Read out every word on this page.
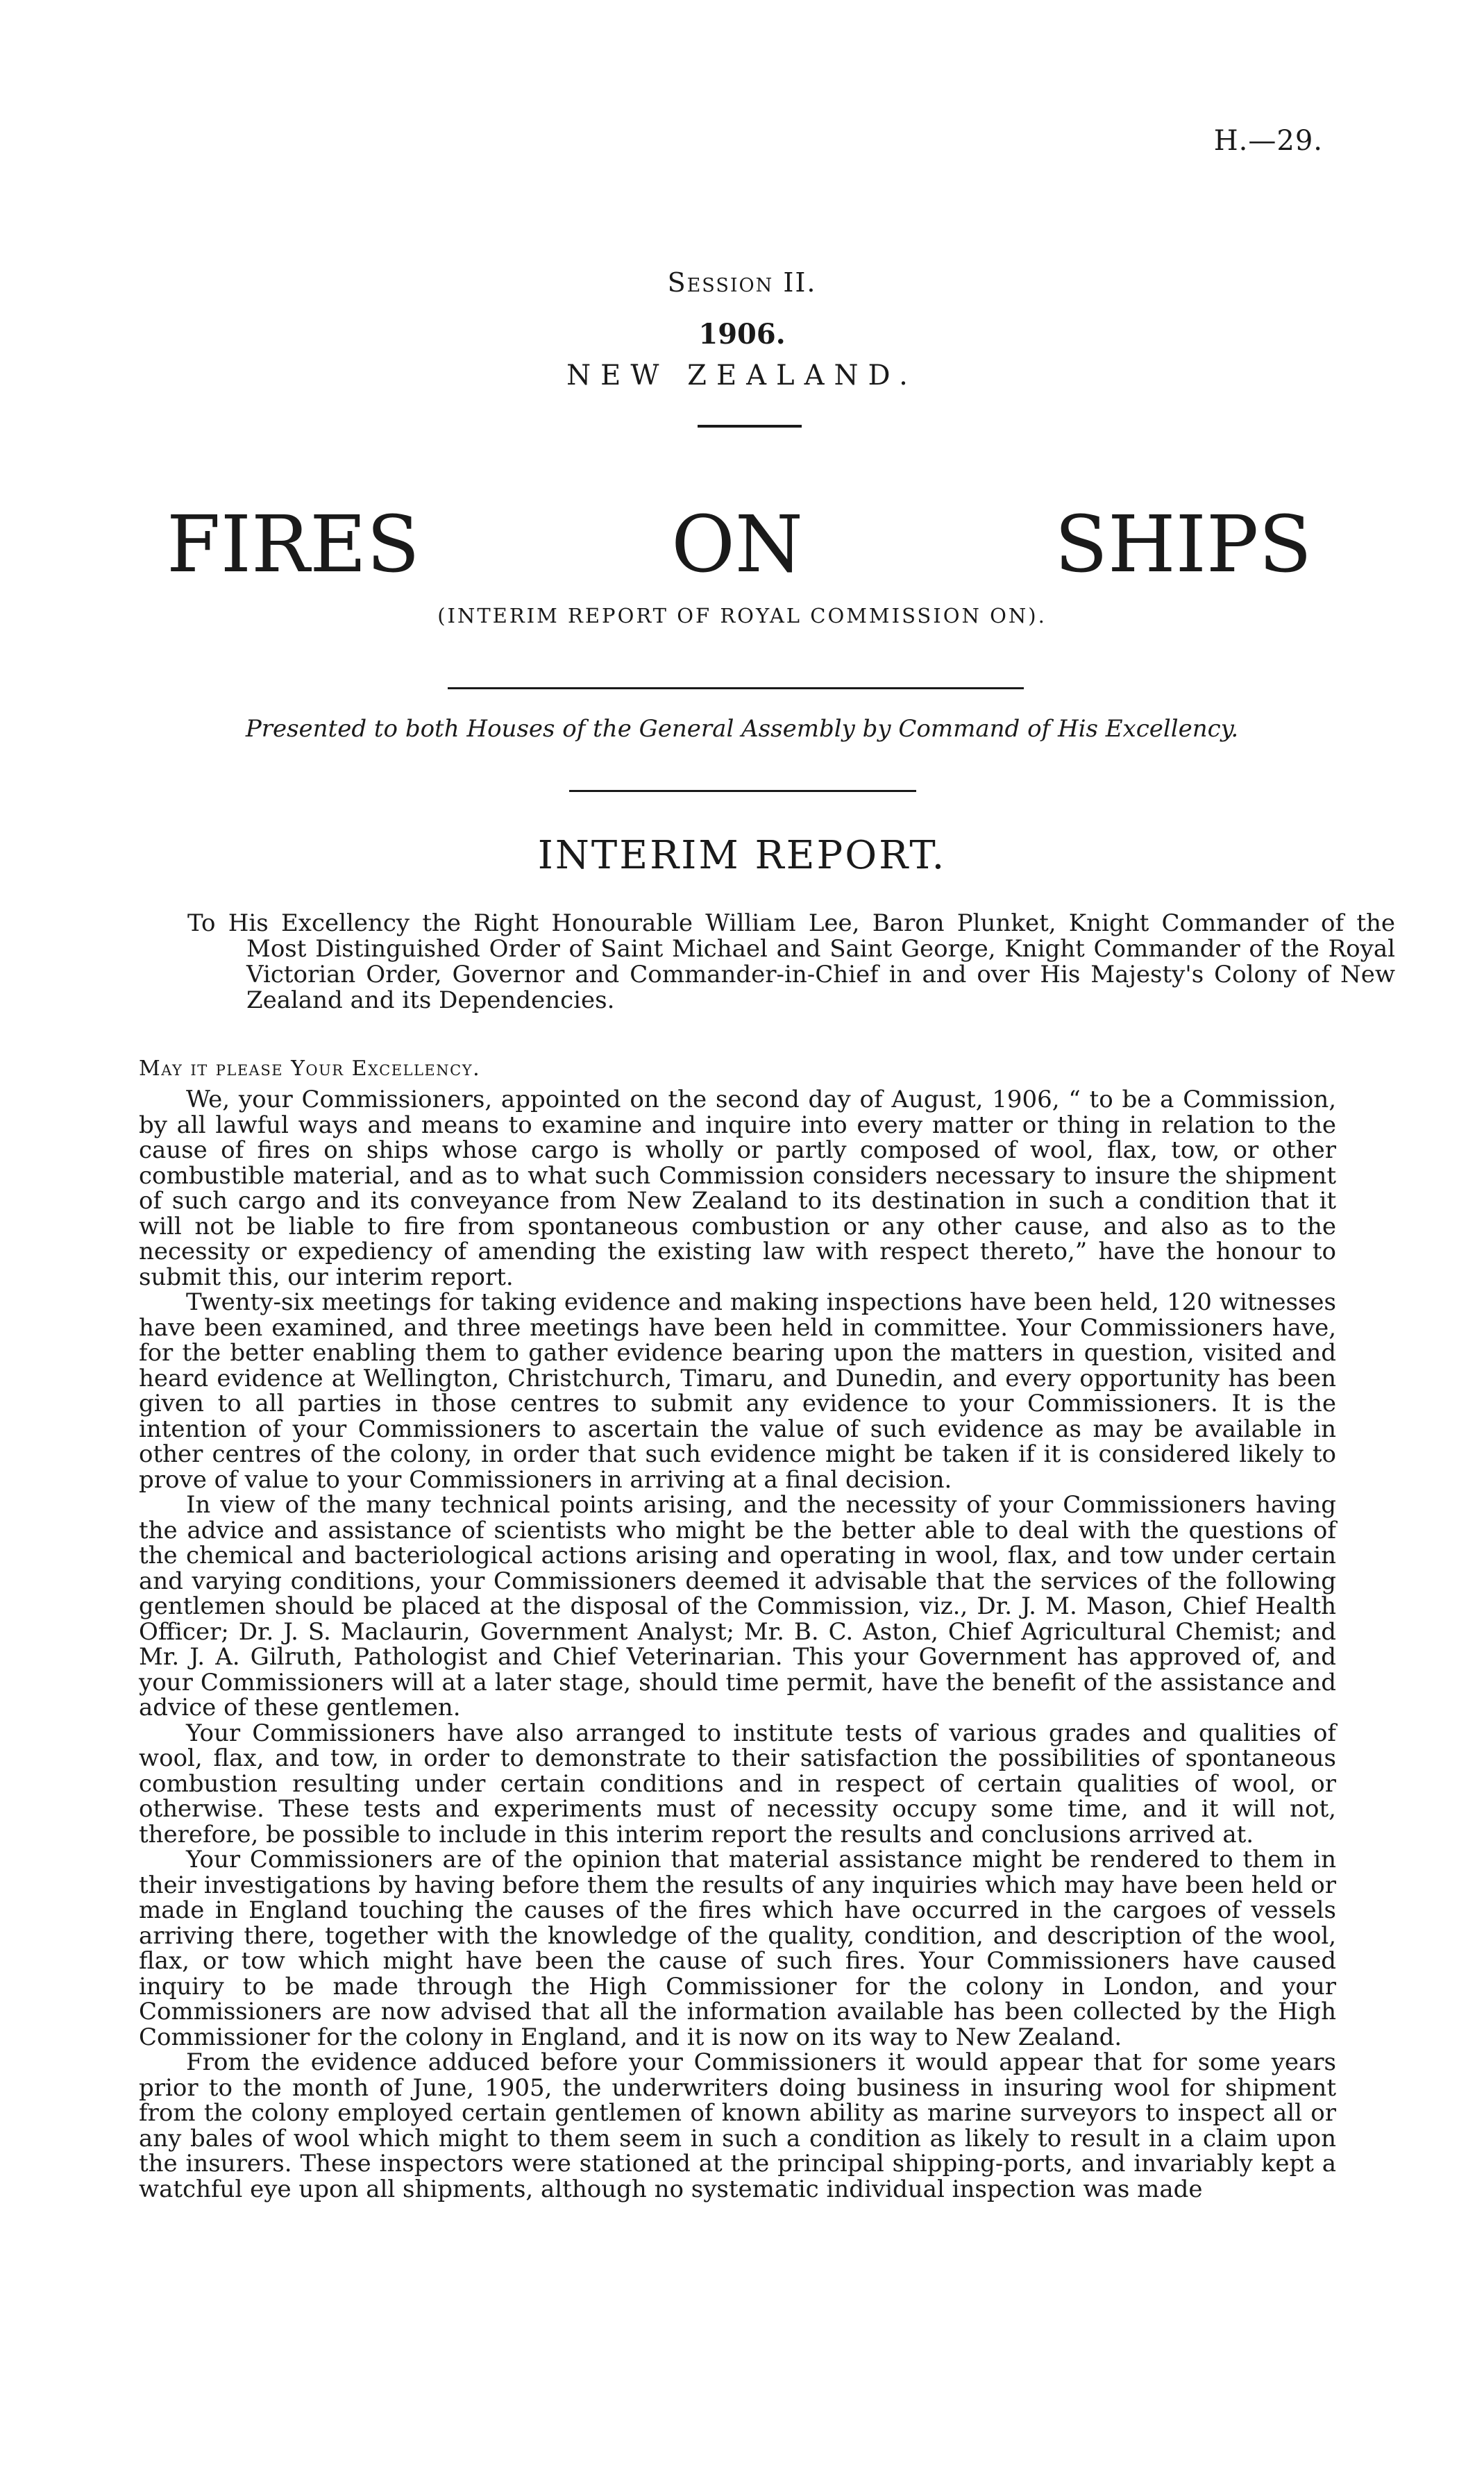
H.—29.
Session II.
1906.
NEW ZEALAND.
FIRES	ON	SHIPS
(INTERIM REPORT OF ROYAL COMMISSION ON).
Presented to both Houses of the General Assembly by Command of His Excellency.
INTERIM REPORT.
To His Excellency the Right Honourable William Lee, Baron Plunket, Knight Commander of the Most Distinguished Order of Saint Michael and Saint George, Knight Commander of the Royal Victorian Order, Governor and Commander-in-Chief in and over His Majesty's Colony of New Zealand and its Dependencies.
May it please Your Excellency.

We, your Commissioners, appointed on the second day of August, 1906, “ to be a Commission, by all lawful ways and means to examine and inquire into every matter or thing in relation to the cause of fires on ships whose cargo is wholly or partly composed of wool, flax, tow, or other combustible material, and as to what such Commission considers necessary to insure the shipment of such cargo and its conveyance from New Zealand to its destination in such a condition that it will not be liable to fire from spontaneous combustion or any other cause, and also as to the necessity or expediency of amending the existing law with respect thereto,” have the honour to submit this, our interim report.

Twenty-six meetings for taking evidence and making inspections have been held, 120 witnesses have been examined, and three meetings have been held in committee. Your Commissioners have, for the better enabling them to gather evidence bearing upon the matters in question, visited and heard evidence at Wellington, Christchurch, Timaru, and Dunedin, and every opportunity has been given to all parties in those centres to submit any evidence to your Commissioners. It is the intention of your Commissioners to ascertain the value of such evidence as may be available in other centres of the colony, in order that such evidence might be taken if it is considered likely to prove of value to your Commissioners in arriving at a final decision.

In view of the many technical points arising, and the necessity of your Commissioners having the advice and assistance of scientists who might be the better able to deal with the questions of the chemical and bacteriological actions arising and operating in wool, flax, and tow under certain and varying conditions, your Commissioners deemed it advisable that the services of the following gentlemen should be placed at the disposal of the Commission, viz., Dr. J. M. Mason, Chief Health Officer; Dr. J. S. Maclaurin, Government Analyst; Mr. B. C. Aston, Chief Agricultural Chemist; and Mr. J. A. Gilruth, Pathologist and Chief Veterinarian. This your Government has approved of, and your Commissioners will at a later stage, should time permit, have the benefit of the assistance and advice of these gentlemen.

Your Commissioners have also arranged to institute tests of various grades and qualities of wool, flax, and tow, in order to demonstrate to their satisfaction the possibilities of spontaneous combustion resulting under certain conditions and in respect of certain qualities of wool, or otherwise. These tests and experiments must of necessity occupy some time, and it will not, therefore, be possible to include in this interim report the results and conclusions arrived at.

Your Commissioners are of the opinion that material assistance might be rendered to them in their investigations by having before them the results of any inquiries which may have been held or made in England touching the causes of the fires which have occurred in the cargoes of vessels arriving there, together with the knowledge of the quality, condition, and description of the wool, flax, or tow which might have been the cause of such fires. Your Commissioners have caused inquiry to be made through the High Commissioner for the colony in London, and your Commissioners are now advised that all the information available has been collected by the High Commissioner for the colony in England, and it is now on its way to New Zealand.

From the evidence adduced before your Commissioners it would appear that for some years prior to the month of June, 1905, the underwriters doing business in insuring wool for shipment from the colony employed certain gentlemen of known ability as marine surveyors to inspect all or any bales of wool which might to them seem in such a condition as likely to result in a claim upon the insurers. These inspectors were stationed at the principal shipping-ports, and invariably kept a watchful eye upon all shipments, although no systematic individual inspection was made
